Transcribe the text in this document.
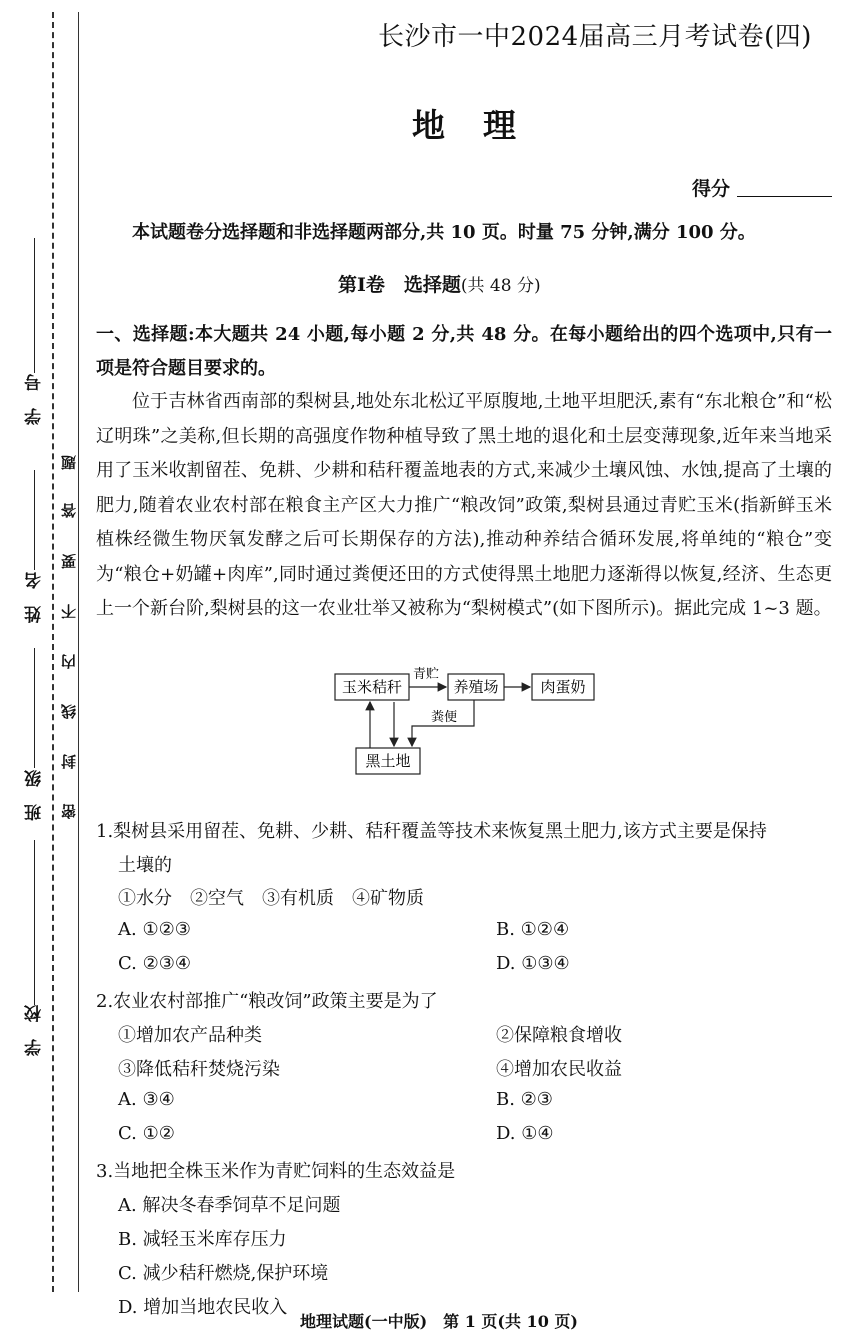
学　号
姓　名
班　级
学　校
题
答
要
不
内
线
封
密
长沙市一中2024届高三月考试卷(四)
地理
得分
本试题卷分选择题和非选择题两部分,共 10 页。时量 75 分钟,满分 100 分。
第Ⅰ卷　选择题(共 48 分)
一、选择题:本大题共 24 小题,每小题 2 分,共 48 分。在每小题给出的四个选项中,只有一项是符合题目要求的。
位于吉林省西南部的梨树县,地处东北松辽平原腹地,土地平坦肥沃,素有“东北粮仓”和“松辽明珠”之美称,但长期的高强度作物种植导致了黑土地的退化和土层变薄现象,近年来当地采用了玉米收割留茬、免耕、少耕和秸秆覆盖地表的方式,来减少土壤风蚀、水蚀,提高了土壤的肥力,随着农业农村部在粮食主产区大力推广“粮改饲”政策,梨树县通过青贮玉米(指新鲜玉米植株经微生物厌氧发酵之后可长期保存的方法),推动种养结合循环发展,将单纯的“粮仓”变为“粮仓+奶罐+肉库”,同时通过粪便还田的方式使得黑土地肥力逐渐得以恢复,经济、生态更上一个新台阶,梨树县的这一农业壮举又被称为“梨树模式”(如下图所示)。据此完成 1~3 题。
玉米秸秆	养殖场	肉蛋奶
黑土地
青贮
粪便
1.梨树县采用留茬、免耕、少耕、秸秆覆盖等技术来恢复黑土肥力,该方式主要是保持
土壤的
①水分　②空气　③有机质　④矿物质
A. ①②③	B. ①②④
C. ②③④	D. ①③④
2.农业农村部推广“粮改饲”政策主要是为了
①增加农产品种类	②保障粮食增收
③降低秸秆焚烧污染	④增加农民收益
A. ③④	B. ②③
C. ①②	D. ①④
3.当地把全株玉米作为青贮饲料的生态效益是
A. 解决冬春季饲草不足问题
B. 减轻玉米库存压力
C. 减少秸秆燃烧,保护环境
D. 增加当地农民收入
地理试题(一中版)　第 1 页(共 10 页)
